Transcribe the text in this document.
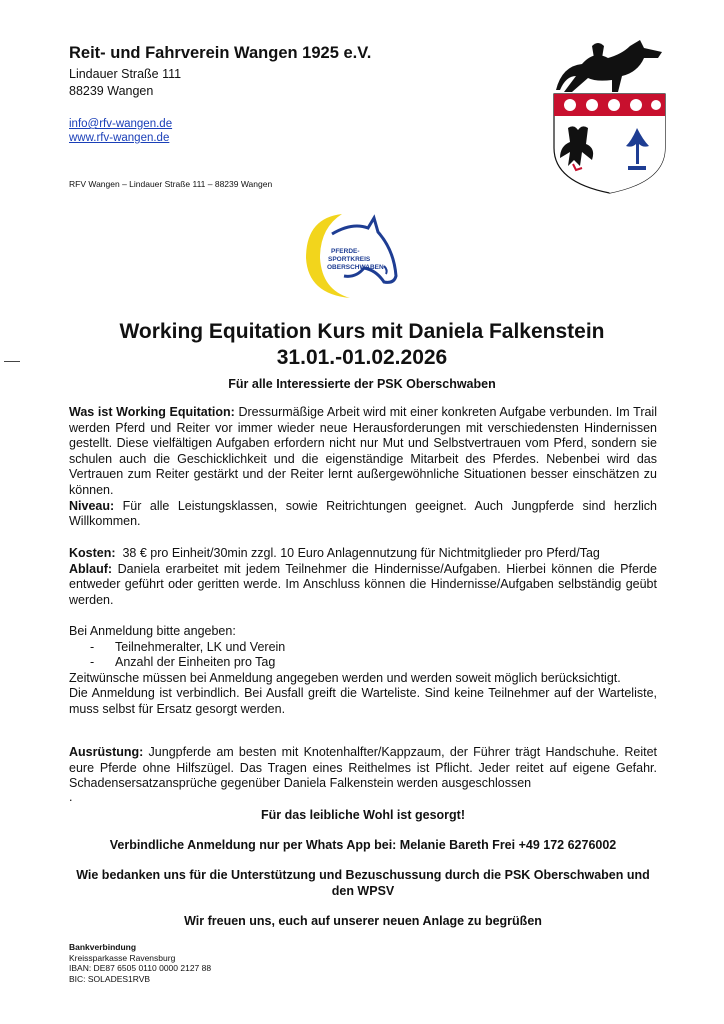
Reit- und Fahrverein Wangen 1925 e.V.
Lindauer Straße 111
88239 Wangen
info@rfv-wangen.de
www.rfv-wangen.de
RFV Wangen – Lindauer Straße 111 – 88239 Wangen
PFERDE-
SPORTKREIS
OBERSCHWABEN
Working Equitation Kurs mit Daniela Falkenstein
31.01.-01.02.2026
Für alle Interessierte der PSK Oberschwaben

Was ist Working Equitation: Dressurmäßige Arbeit wird mit einer konkreten Aufgabe verbunden. Im Trail werden Pferd und Reiter vor immer wieder neue Herausforderungen mit verschiedensten Hindernissen gestellt. Diese vielfältigen Aufgaben erfordern nicht nur Mut und Selbstvertrauen vom Pferd, sondern sie schulen auch die Geschicklichkeit und die eigenständige Mitarbeit des Pferdes. Nebenbei wird das Vertrauen zum Reiter gestärkt und der Reiter lernt außergewöhnliche Situationen besser einschätzen zu können.

Niveau: Für alle Leistungsklassen, sowie Reitrichtungen geeignet. Auch Jungpferde sind herzlich Willkommen.

Kosten: 38 € pro Einheit/30min zzgl. 10 Euro Anlagennutzung für Nichtmitglieder pro Pferd/Tag

Ablauf: Daniela erarbeitet mit jedem Teilnehmer die Hindernisse/Aufgaben. Hierbei können die Pferde entweder geführt oder geritten werde. Im Anschluss können die Hindernisse/Aufgaben selbständig geübt werden.

Bei Anmeldung bitte angeben:

- Teilnehmeralter, LK und Verein
- Anzahl der Einheiten pro Tag

Zeitwünsche müssen bei Anmeldung angegeben werden und werden soweit möglich berücksichtigt.

Die Anmeldung ist verbindlich. Bei Ausfall greift die Warteliste. Sind keine Teilnehmer auf der Warteliste, muss selbst für Ersatz gesorgt werden.

Ausrüstung: Jungpferde am besten mit Knotenhalfter/Kappzaum, der Führer trägt Handschuhe. Reitet eure Pferde ohne Hilfszügel. Das Tragen eines Reithelmes ist Pflicht. Jeder reitet auf eigene Gefahr. Schadensersatzansprüche gegenüber Daniela Falkenstein werden ausgeschlossen

.

Für das leibliche Wohl ist gesorgt!
Verbindliche Anmeldung nur per Whats App bei: Melanie Bareth Frei +49 172 6276002
Wie bedanken uns für die Unterstützung und Bezuschussung durch die PSK Oberschwaben und den WPSV
Wir freuen uns, euch auf unserer neuen Anlage zu begrüßen
Bankverbindung
Kreissparkasse Ravensburg
IBAN: DE87 6505 0110 0000 2127 88
BIC: SOLADES1RVB
